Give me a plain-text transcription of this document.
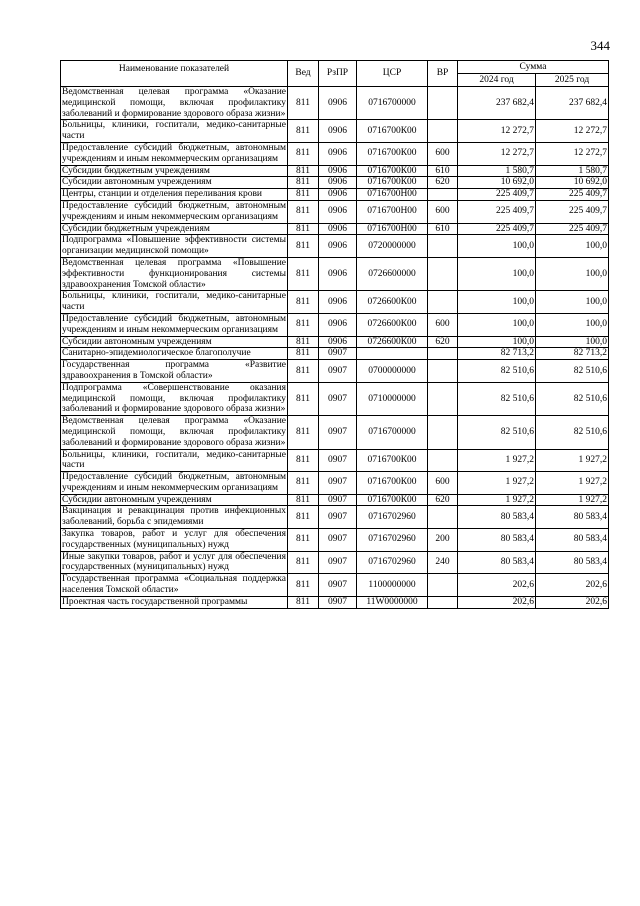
344
Наименование показателей	Вед	РзПР	ЦСР	ВР	Сумма	
					2024 год	2025 год
Ведомственная целевая программа «Оказание медицинской помощи, включая профилактику заболеваний и формирование здорового образа жизни»	811	0906	0716700000		237 682,4	237 682,4
Больницы, клиники, госпитали, медико-санитарные части	811	0906	0716700К00		12 272,7	12 272,7
Предоставление субсидий бюджетным, автономным учреждениям и иным некоммерческим организациям	811	0906	0716700К00	600	12 272,7	12 272,7
Субсидии бюджетным учреждениям	811	0906	0716700К00	610	1 580,7	1 580,7
Субсидии автономным учреждениям	811	0906	0716700К00	620	10 692,0	10 692,0
Центры, станции и отделения переливания крови	811	0906	0716700Н00		225 409,7	225 409,7
Предоставление субсидий бюджетным, автономным учреждениям и иным некоммерческим организациям	811	0906	0716700Н00	600	225 409,7	225 409,7
Субсидии бюджетным учреждениям	811	0906	0716700Н00	610	225 409,7	225 409,7
Подпрограмма «Повышение эффективности системы организации медицинской помощи»	811	0906	0720000000		100,0	100,0
Ведомственная целевая программа «Повышение эффективности функционирования системы здравоохранения Томской области»	811	0906	0726600000		100,0	100,0
Больницы, клиники, госпитали, медико-санитарные части	811	0906	0726600К00		100,0	100,0
Предоставление субсидий бюджетным, автономным учреждениям и иным некоммерческим организациям	811	0906	0726600К00	600	100,0	100,0
Субсидии автономным учреждениям	811	0906	0726600К00	620	100,0	100,0
Санитарно-эпидемиологическое благополучие	811	0907			82 713,2	82 713,2
Государственная программа «Развитие здравоохранения в Томской области»	811	0907	0700000000		82 510,6	82 510,6
Подпрограмма «Совершенствование оказания медицинской помощи, включая профилактику заболеваний и формирование здорового образа жизни»	811	0907	0710000000		82 510,6	82 510,6
Ведомственная целевая программа «Оказание медицинской помощи, включая профилактику заболеваний и формирование здорового образа жизни»	811	0907	0716700000		82 510,6	82 510,6
Больницы, клиники, госпитали, медико-санитарные части	811	0907	0716700К00		1 927,2	1 927,2
Предоставление субсидий бюджетным, автономным учреждениям и иным некоммерческим организациям	811	0907	0716700К00	600	1 927,2	1 927,2
Субсидии автономным учреждениям	811	0907	0716700К00	620	1 927,2	1 927,2
Вакцинация и ревакцинация против инфекционных заболеваний, борьба с эпидемиями	811	0907	0716702960		80 583,4	80 583,4
Закупка товаров, работ и услуг для обеспечения государственных (муниципальных) нужд	811	0907	0716702960	200	80 583,4	80 583,4
Иные закупки товаров, работ и услуг для обеспечения государственных (муниципальных) нужд	811	0907	0716702960	240	80 583,4	80 583,4
Государственная программа «Социальная поддержка населения Томской области»	811	0907	1100000000		202,6	202,6
Проектная часть государственной программы	811	0907	11W0000000		202,6	202,6
